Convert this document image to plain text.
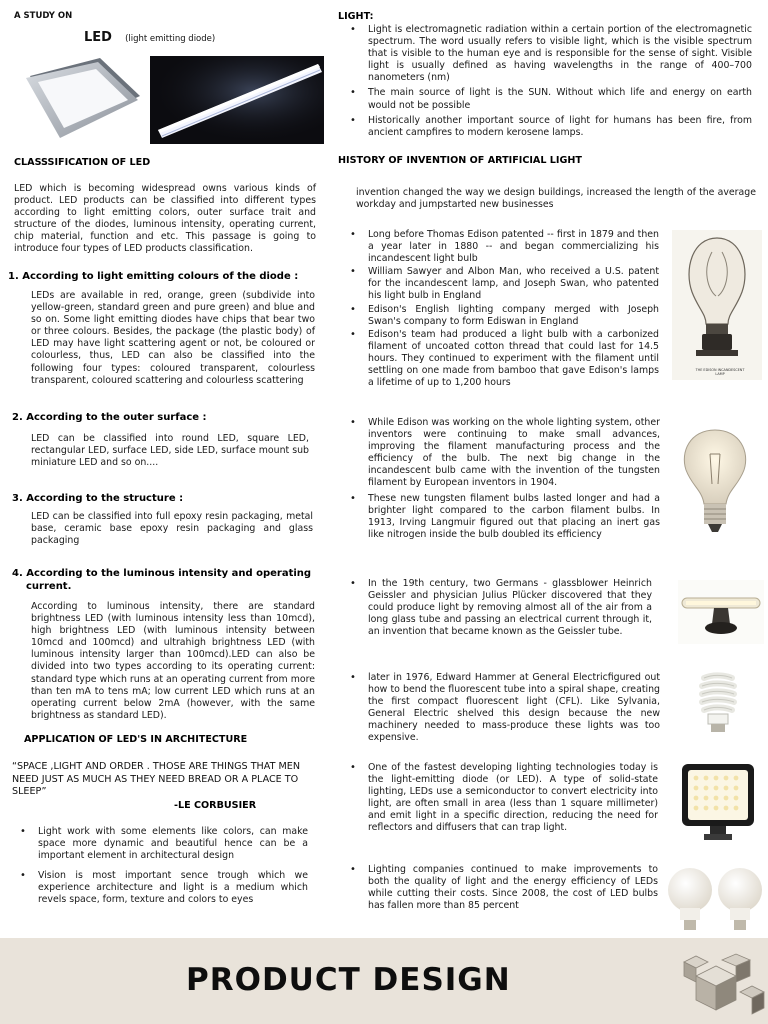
A STUDY ON
LED (light emitting diode)
CLASSSIFICATION OF LED
LED which is becoming widespread owns various kinds of product. LED products can be classified into different types according to light emitting colors, outer surface trait and structure of the diodes, luminous intensity, operating current, chip material, function and etc. This passage is going to introduce four types of LED products classification.
1. According to light emitting colours of the diode :
LEDs are available in red, orange, green (subdivide into yellow-green, standard green and pure green) and blue and so on. Some light emitting diodes have chips that bear two or three colours. Besides, the package (the plastic body) of LED may have light scattering agent or not, be coloured or colourless, thus, LED can also be classified into the following four types: coloured transparent, colourless transparent, coloured scattering and colourless scattering
2. According to the outer surface :
LED can be classified into round LED, square LED, rectangular LED, surface LED, side LED, surface mount sub miniature LED and so on....
3. According to the structure :
LED can be classified into full epoxy resin packaging, metal base, ceramic base epoxy resin packaging and glass packaging
4. According to the luminous intensity and operating
current.
According to luminous intensity, there are standard brightness LED (with luminous intensity less than 10mcd), high brightness LED (with luminous intensity between 10mcd and 100mcd) and ultrahigh brightness LED (with luminous intensity larger than 100mcd).LED can also be divided into two types according to its operating current: standard type which runs at an operating current from more than ten mA to tens mA; low current LED which runs at an operating current below 2mA (however, with the same brightness as standard LED).
APPLICATION OF LED'S IN ARCHITECTURE
“SPACE ,LIGHT AND ORDER . THOSE ARE THINGS THAT MEN NEED JUST AS MUCH AS THEY NEED BREAD OR A PLACE TO SLEEP”
-LE CORBUSIER
• Light work with some elements like colors, can make space more dynamic and beautiful hence can be a important element in architectural design
• Vision is most important sence trough which we experience architecture and light is a medium which revels space, form, texture and colors to eyes
LIGHT:
• Light is electromagnetic radiation within a certain portion of the electromagnetic spectrum. The word usually refers to visible light, which is the visible spectrum that is visible to the human eye and is responsible for the sense of sight. Visible light is usually defined as having wavelengths in the range of 400–700 nanometers (nm)
• The main source of light is the SUN. Without which life and energy on earth would not be possible
• Historically another important source of light for humans has been fire, from ancient campfires to modern kerosene lamps.
HISTORY OF INVENTION OF ARTIFICIAL LIGHT
invention changed the way we design buildings, increased the length of the average workday and jumpstarted new businesses
• Long before Thomas Edison patented -- first in 1879 and then a year later in 1880 -- and began commercializing his incandescent light bulb
• William Sawyer and Albon Man, who received a U.S. patent for the incandescent lamp, and Joseph Swan, who patented his light bulb in England
• Edison's English lighting company merged with Joseph Swan's company to form Ediswan in England
• Edison's team had produced a light bulb with a carbonized filament of uncoated cotton thread that could last for 14.5 hours. They continued to experiment with the filament until settling on one made from bamboo that gave Edison's lamps a lifetime of up to 1,200 hours
THE EDISON INCANDESCENT LAMP
• While Edison was working on the whole lighting system, other inventors were continuing to make small advances, improving the filament manufacturing process and the efficiency of the bulb. The next big change in the incandescent bulb came with the invention of the tungsten filament by European inventors in 1904.
• These new tungsten filament bulbs lasted longer and had a brighter light compared to the carbon filament bulbs. In 1913, Irving Langmuir figured out that placing an inert gas like nitrogen inside the bulb doubled its efficiency
• In the 19th century, two Germans - glassblower Heinrich Geissler and physician Julius Plücker discovered that they could produce light by removing almost all of the air from a long glass tube and passing an electrical current through it, an invention that became known as the Geissler tube.
• later in 1976, Edward Hammer at General Electricfigured out how to bend the fluorescent tube into a spiral shape, creating the first compact fluorescent light (CFL). Like Sylvania, General Electric shelved this design because the new machinery needed to mass-produce these lights was too expensive.
• One of the fastest developing lighting technologies today is the light-emitting diode (or LED). A type of solid-state lighting, LEDs use a semiconductor to convert electricity into light, are often small in area (less than 1 square millimeter) and emit light in a specific direction, reducing the need for reflectors and diffusers that can trap light.
• Lighting companies continued to make improvements to both the quality of light and the energy efficiency of LEDs while cutting their costs. Since 2008, the cost of LED bulbs has fallen more than 85 percent
PRODUCT DESIGN
